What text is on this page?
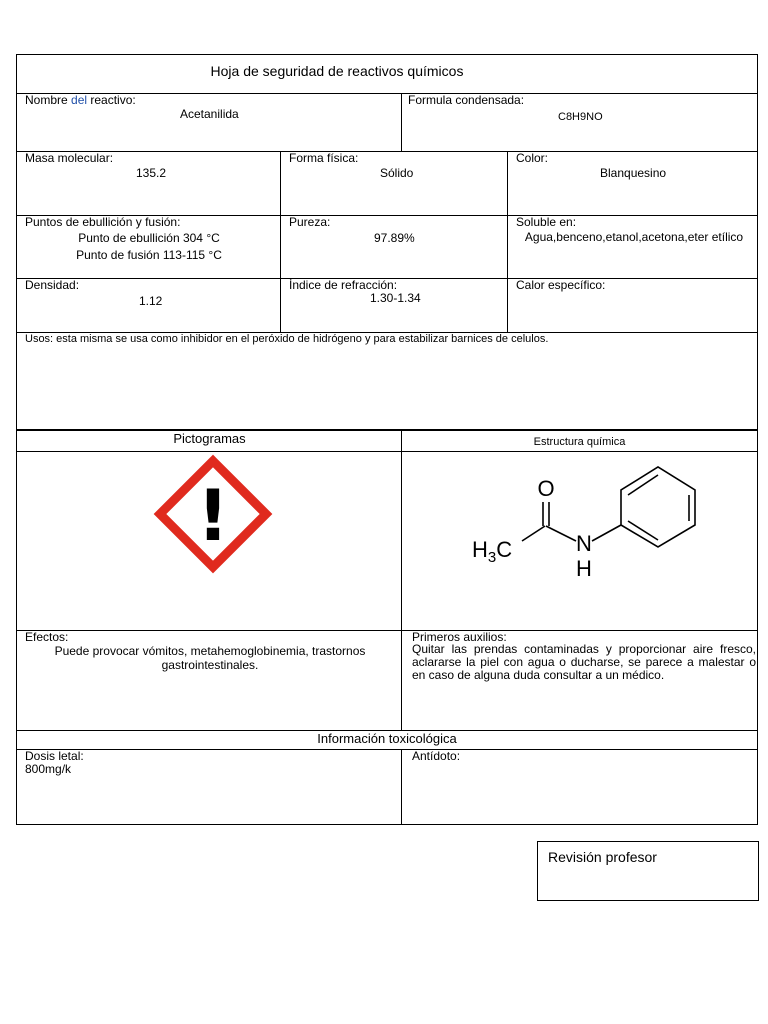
Hoja de seguridad de reactivos químicos
Nombre del reactivo:
Acetanilida
Formula condensada:
C8H9NO
Masa molecular:
135.2
Forma física:
Sólido
Color:
Blanquesino
Puntos de ebullición y fusión:
Punto de ebullición 304 °C
Punto de fusión 113-115 °C
Pureza:
97.89%
Soluble en:
Agua,benceno,etanol,acetona,eter etílico
Densidad:
1.12
Índice de refracción:
1.30-1.34
Calor específico:
Usos: esta misma se usa como inhibidor en el peróxido de hidrógeno y para estabilizar barnices de celulos.
Pictogramas	Estructura química
!	O
N
H
$H_3C$
Efectos:
Puede provocar vómitos, metahemoglobinemia, trastornos gastrointestinales.
Primeros auxilios:
Quitar las prendas contaminadas y proporcionar aire fresco, aclararse la piel con agua o ducharse, se parece a malestar o en caso de alguna duda consultar a un médico.
Información toxicológica
Dosis letal:
800mg/k
Antídoto:
Revisión profesor
